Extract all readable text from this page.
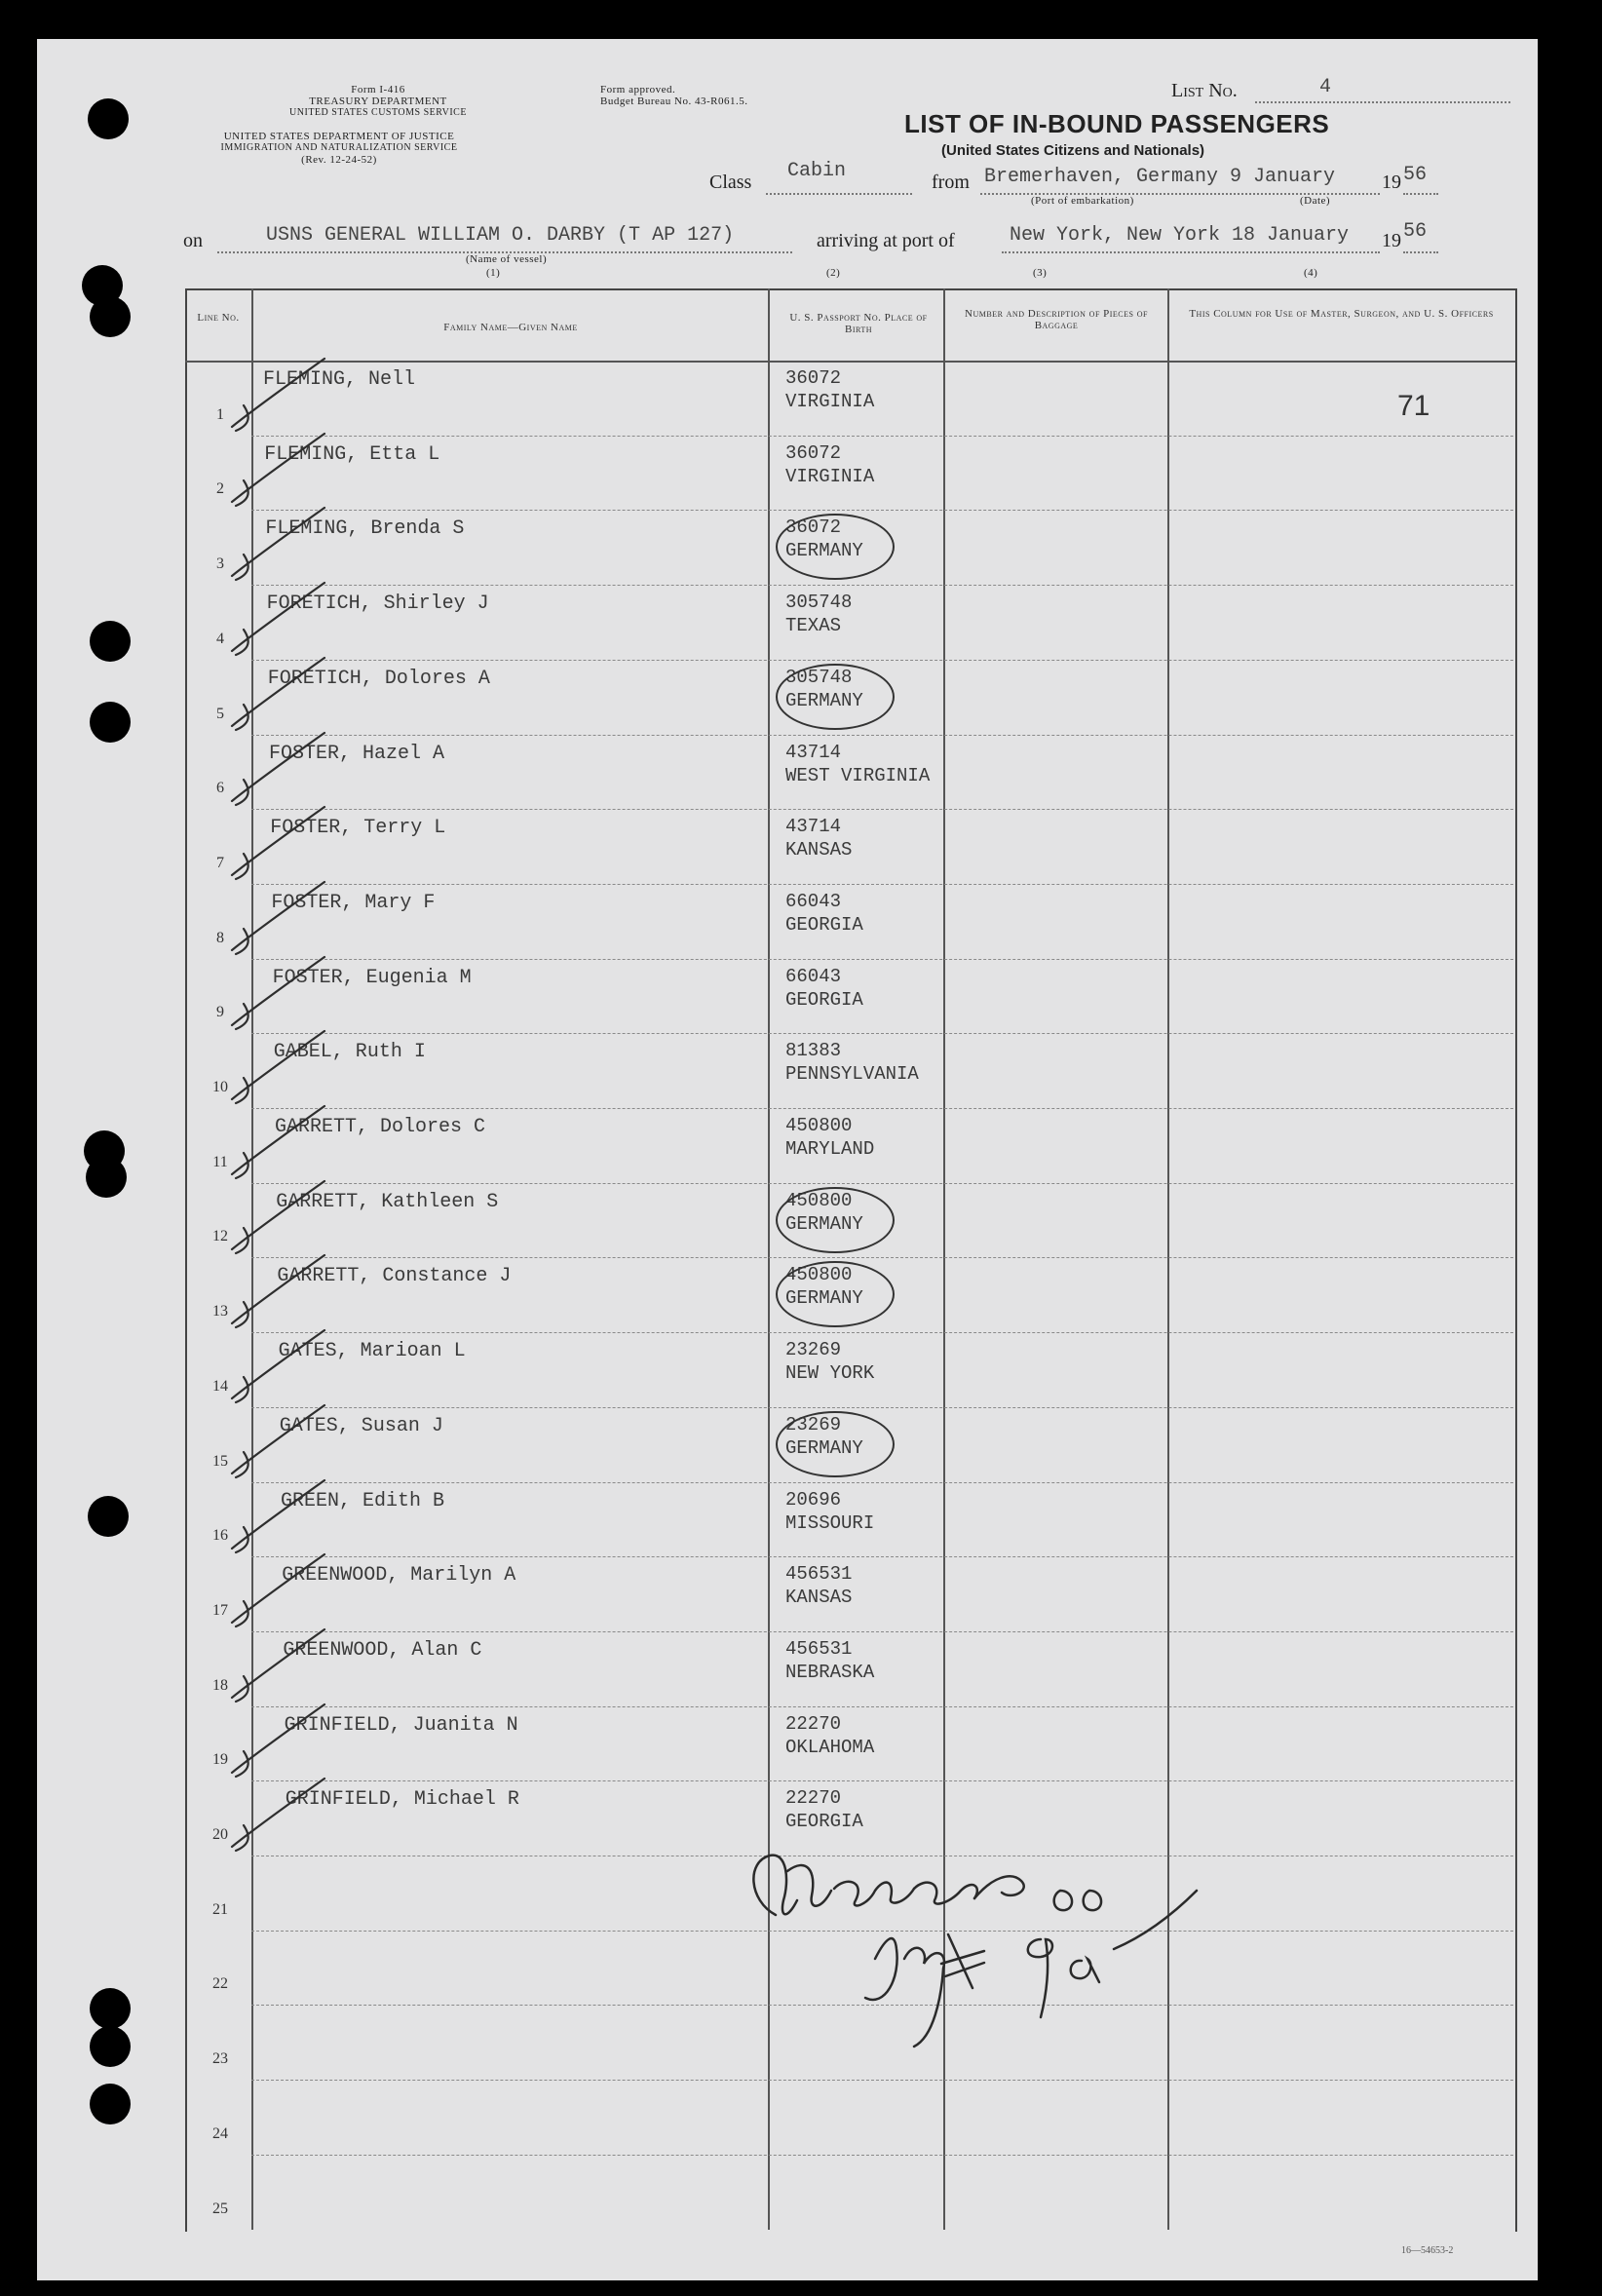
Form I-416
TREASURY DEPARTMENT
UNITED STATES CUSTOMS SERVICE
UNITED STATES DEPARTMENT OF JUSTICE
IMMIGRATION AND NATURALIZATION SERVICE
(Rev. 12-24-52)
Form approved.
Budget Bureau No. 43-R061.5.	List No.	4
LIST OF IN-BOUND PASSENGERS
(United States Citizens and Nationals)
Class Cabin	from Bremerhaven, Germany 9 January 19 56
(Port of embarkation)	(Date)
on	USNS GENERAL WILLIAM O. DARBY (T AP 127)	arriving at port of	New York, New York 18 January 19 56
(Name of vessel)
(1)	(2)	(3)	(4)
Line No.
Family Name—Given Name
U. S. Passport No. Place of Birth
Number and Description of Pieces of Baggage
This Column for Use of Master, Surgeon, and U. S. Officers
71
1
FLEMING, Nell	36072
VIRGINIA
2
FLEMING, Etta L	36072
VIRGINIA
3
FLEMING, Brenda S	36072
GERMANY
4
FORETICH, Shirley J	305748
TEXAS
5
FORETICH, Dolores A	305748
GERMANY
6
FOSTER, Hazel A	43714
WEST VIRGINIA
7
FOSTER, Terry L	43714
KANSAS
8
FOSTER, Mary F	66043
GEORGIA
9
FOSTER, Eugenia M	66043
GEORGIA
10
GABEL, Ruth I	81383
PENNSYLVANIA
11
GARRETT, Dolores C	450800
MARYLAND
12
GARRETT, Kathleen S	450800
GERMANY
13
GARRETT, Constance J	450800
GERMANY
14
GATES, Marioan L	23269
NEW YORK
15
GATES, Susan J	23269
GERMANY
16
GREEN, Edith B	20696
MISSOURI
17
GREENWOOD, Marilyn A	456531
KANSAS
18
GREENWOOD, Alan C	456531
NEBRASKA
19
GRINFIELD, Juanita N	22270
OKLAHOMA
20
GRINFIELD, Michael R	22270
GEORGIA
21
22
23
24
25
16—54653-2
